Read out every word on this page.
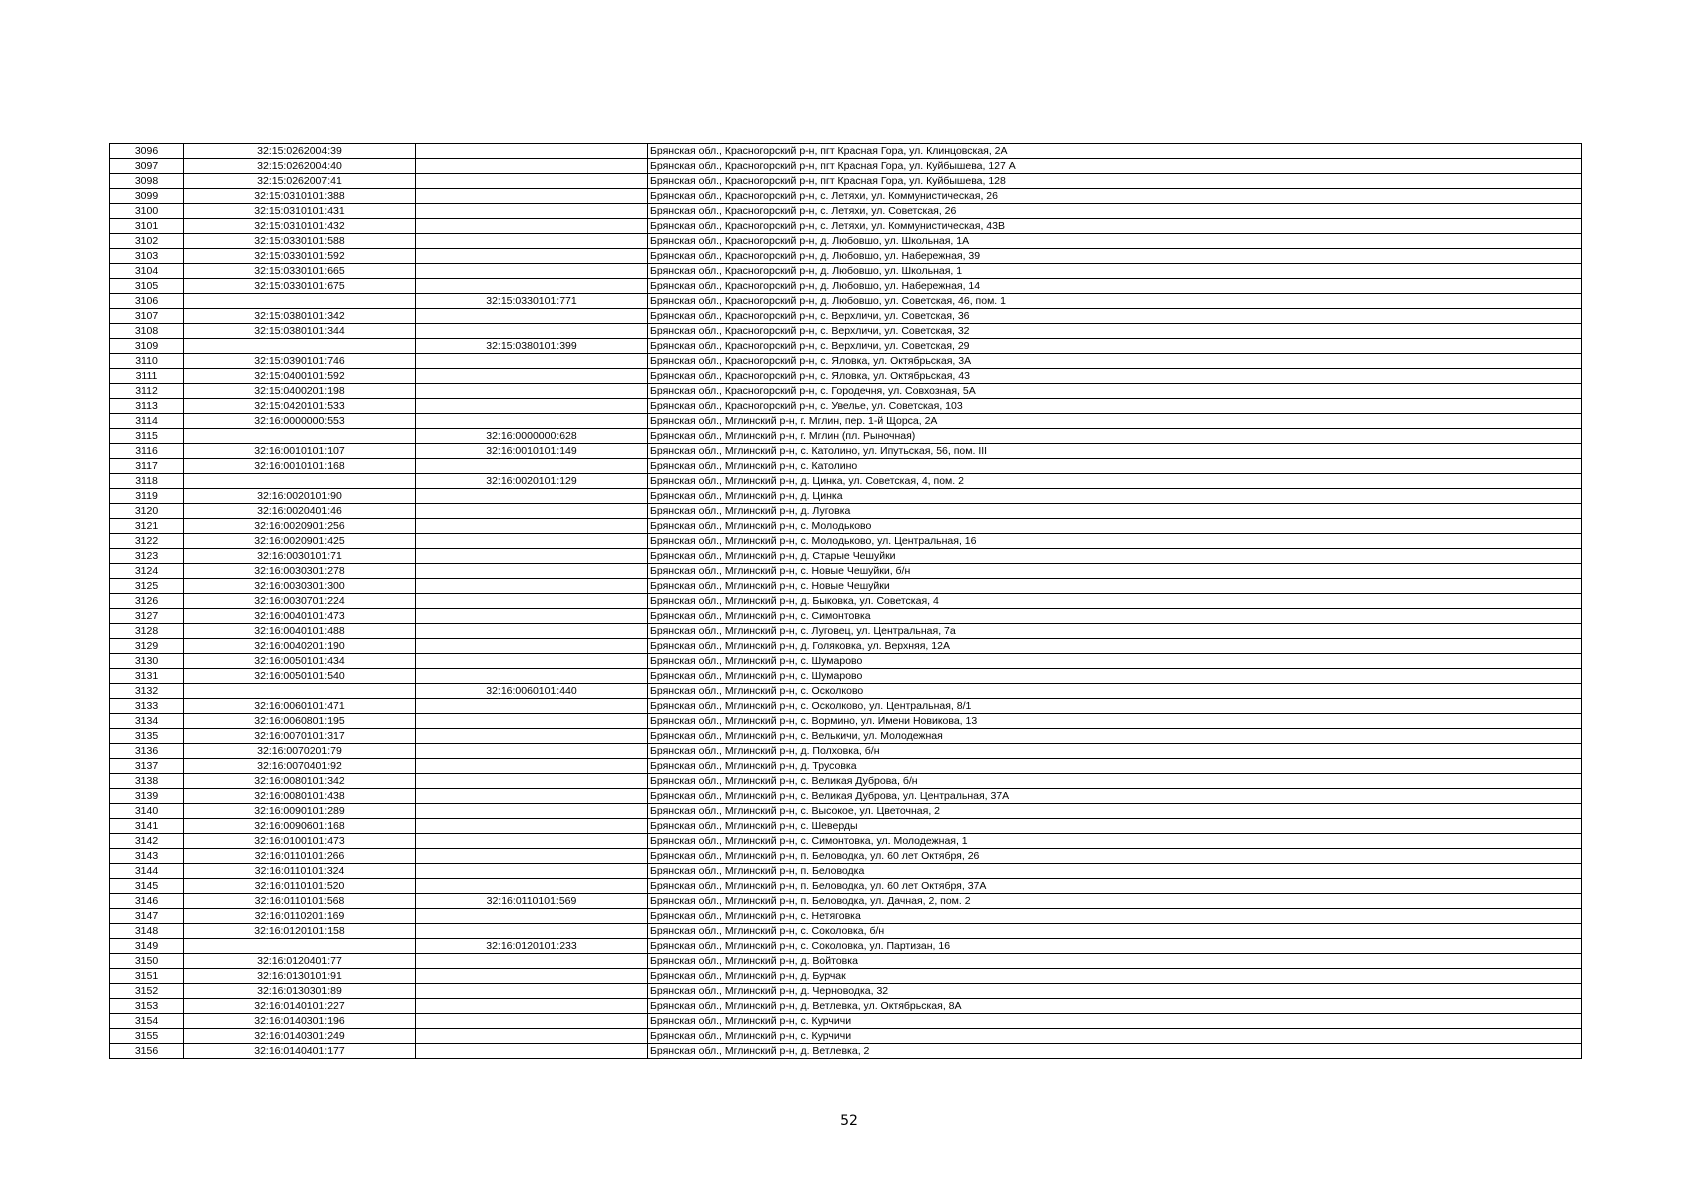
3096	32:15:0262004:39		Брянская обл., Красногорский р-н, пгт Красная Гора, ул. Клинцовская, 2А
3097	32:15:0262004:40		Брянская обл., Красногорский р-н, пгт Красная Гора, ул. Куйбышева, 127 А
3098	32:15:0262007:41		Брянская обл., Красногорский р-н, пгт Красная Гора, ул. Куйбышева, 128
3099	32:15:0310101:388		Брянская обл., Красногорский р-н, с. Летяхи, ул. Коммунистическая, 26
3100	32:15:0310101:431		Брянская обл., Красногорский р-н, с. Летяхи, ул. Советская, 26
3101	32:15:0310101:432		Брянская обл., Красногорский р-н, с. Летяхи, ул. Коммунистическая, 43В
3102	32:15:0330101:588		Брянская обл., Красногорский р-н, д. Любовшо, ул. Школьная, 1А
3103	32:15:0330101:592		Брянская обл., Красногорский р-н, д. Любовшо, ул. Набережная, 39
3104	32:15:0330101:665		Брянская обл., Красногорский р-н, д. Любовшо, ул. Школьная, 1
3105	32:15:0330101:675		Брянская обл., Красногорский р-н, д. Любовшо, ул. Набережная, 14
3106		32:15:0330101:771	Брянская обл., Красногорский р-н, д. Любовшо, ул. Советская, 46, пом. 1
3107	32:15:0380101:342		Брянская обл., Красногорский р-н, с. Верхличи, ул. Советская, 36
3108	32:15:0380101:344		Брянская обл., Красногорский р-н, с. Верхличи, ул. Советская, 32
3109		32:15:0380101:399	Брянская обл., Красногорский р-н, с. Верхличи, ул. Советская, 29
3110	32:15:0390101:746		Брянская обл., Красногорский р-н, с. Яловка, ул. Октябрьская, 3А
3111	32:15:0400101:592		Брянская обл., Красногорский р-н, с. Яловка, ул. Октябрьская, 43
3112	32:15:0400201:198		Брянская обл., Красногорский р-н, с. Городечня, ул. Совхозная, 5А
3113	32:15:0420101:533		Брянская обл., Красногорский р-н, с. Увелье, ул. Советская, 103
3114	32:16:0000000:553		Брянская обл., Мглинский р-н, г. Мглин, пер. 1-й Щорса, 2А
3115		32:16:0000000:628	Брянская обл., Мглинский р-н, г. Мглин (пл. Рыночная)
3116	32:16:0010101:107	32:16:0010101:149	Брянская обл., Мглинский р-н, с. Католино, ул. Ипутьская, 56, пом. III
3117	32:16:0010101:168		Брянская обл., Мглинский р-н, с. Католино
3118		32:16:0020101:129	Брянская обл., Мглинский р-н, д. Цинка, ул. Советская, 4, пом. 2
3119	32:16:0020101:90		Брянская обл., Мглинский р-н, д. Цинка
3120	32:16:0020401:46		Брянская обл., Мглинский р-н, д. Луговка
3121	32:16:0020901:256		Брянская обл., Мглинский р-н, с. Молодьково
3122	32:16:0020901:425		Брянская обл., Мглинский р-н, с. Молодьково, ул. Центральная, 16
3123	32:16:0030101:71		Брянская обл., Мглинский р-н, д. Старые Чешуйки
3124	32:16:0030301:278		Брянская обл., Мглинский р-н, с. Новые Чешуйки, б/н
3125	32:16:0030301:300		Брянская обл., Мглинский р-н, с. Новые Чешуйки
3126	32:16:0030701:224		Брянская обл., Мглинский р-н, д. Быковка, ул. Советская, 4
3127	32:16:0040101:473		Брянская обл., Мглинский р-н, с. Симонтовка
3128	32:16:0040101:488		Брянская обл., Мглинский р-н, с. Луговец, ул. Центральная, 7а
3129	32:16:0040201:190		Брянская обл., Мглинский р-н, д. Голяковка, ул. Верхняя, 12А
3130	32:16:0050101:434		Брянская обл., Мглинский р-н, с. Шумарово
3131	32:16:0050101:540		Брянская обл., Мглинский р-н, с. Шумарово
3132		32:16:0060101:440	Брянская обл., Мглинский р-н, с. Осколково
3133	32:16:0060101:471		Брянская обл., Мглинский р-н, с. Осколково, ул. Центральная, 8/1
3134	32:16:0060801:195		Брянская обл., Мглинский р-н, с. Вормино, ул. Имени Новикова, 13
3135	32:16:0070101:317		Брянская обл., Мглинский р-н, с. Велькичи, ул. Молодежная
3136	32:16:0070201:79		Брянская обл., Мглинский р-н, д. Полховка, б/н
3137	32:16:0070401:92		Брянская обл., Мглинский р-н, д. Трусовка
3138	32:16:0080101:342		Брянская обл., Мглинский р-н, с. Великая Дуброва, б/н
3139	32:16:0080101:438		Брянская обл., Мглинский р-н, с. Великая Дуброва, ул. Центральная, 37А
3140	32:16:0090101:289		Брянская обл., Мглинский р-н, с. Высокое, ул. Цветочная, 2
3141	32:16:0090601:168		Брянская обл., Мглинский р-н, с. Шеверды
3142	32:16:0100101:473		Брянская обл., Мглинский р-н, с. Симонтовка, ул. Молодежная, 1
3143	32:16:0110101:266		Брянская обл., Мглинский р-н, п. Беловодка, ул. 60 лет Октября, 26
3144	32:16:0110101:324		Брянская обл., Мглинский р-н, п. Беловодка
3145	32:16:0110101:520		Брянская обл., Мглинский р-н, п. Беловодка, ул. 60 лет Октября, 37А
3146	32:16:0110101:568	32:16:0110101:569	Брянская обл., Мглинский р-н, п. Беловодка, ул. Дачная, 2, пом. 2
3147	32:16:0110201:169		Брянская обл., Мглинский р-н, с. Нетяговка
3148	32:16:0120101:158		Брянская обл., Мглинский р-н, с. Соколовка, б/н
3149		32:16:0120101:233	Брянская обл., Мглинский р-н, с. Соколовка, ул. Партизан, 16
3150	32:16:0120401:77		Брянская обл., Мглинский р-н, д. Войтовка
3151	32:16:0130101:91		Брянская обл., Мглинский р-н, д. Бурчак
3152	32:16:0130301:89		Брянская обл., Мглинский р-н, д. Черноводка, 32
3153	32:16:0140101:227		Брянская обл., Мглинский р-н, д. Ветлевка, ул. Октябрьская, 8А
3154	32:16:0140301:196		Брянская обл., Мглинский р-н, с. Курчичи
3155	32:16:0140301:249		Брянская обл., Мглинский р-н, с. Курчичи
3156	32:16:0140401:177		Брянская обл., Мглинский р-н, д. Ветлевка, 2
52
